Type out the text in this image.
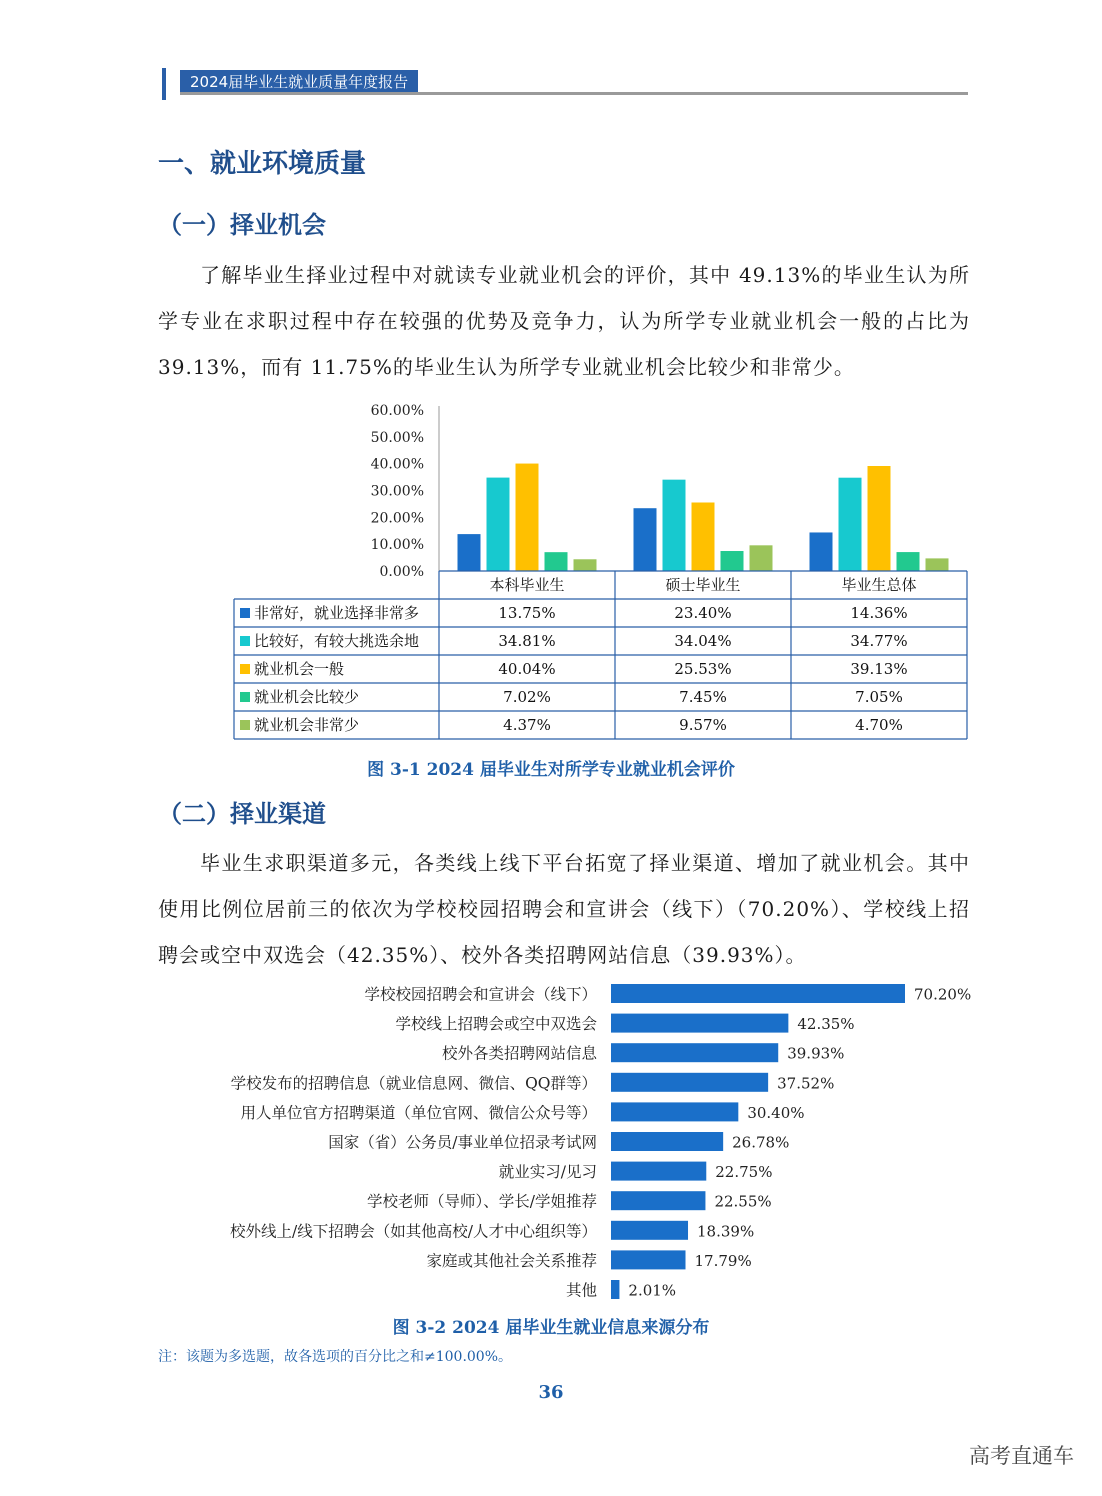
2024届毕业生就业质量年度报告
一、就业环境质量
（一）择业机会

了解毕业生择业过程中对就读专业就业机会的评价，其中 49.13%的毕业生认为所学专业在求职过程中存在较强的优势及竞争力，认为所学专业就业机会一般的占比为 39.13%，而有 11.75%的毕业生认为所学专业就业机会比较少和非常少。

0.00%
10.00%
20.00%
30.00%
40.00%
50.00%
60.00%
本科毕业生	硕士毕业生	毕业生总体
非常好，就业选择非常多	13.75%	23.40%	14.36%
比较好，有较大挑选余地	34.81%	34.04%	34.77%
就业机会一般	40.04%	25.53%	39.13%
就业机会比较少	7.02%	7.45%	7.05%
就业机会非常少	4.37%	9.57%	4.70%

图 3-1 2024 届毕业生对所学专业就业机会评价

（二）择业渠道

毕业生求职渠道多元，各类线上线下平台拓宽了择业渠道、增加了就业机会。其中使用比例位居前三的依次为学校校园招聘会和宣讲会（线下）（70.20%）、学校线上招聘会或空中双选会（42.35%）、校外各类招聘网站信息（39.93%）。

学校校园招聘会和宣讲会（线下）	70.20%
学校线上招聘会或空中双选会	42.35%
校外各类招聘网站信息	39.93%
学校发布的招聘信息（就业信息网、微信、QQ群等）	37.52%
用人单位官方招聘渠道（单位官网、微信公众号等）	30.40%
国家（省）公务员/事业单位招录考试网	26.78%
就业实习/见习	22.75%
学校老师（导师）、学长/学姐推荐	22.55%
校外线上/线下招聘会（如其他高校/人才中心组织等）	18.39%
家庭或其他社会关系推荐	17.79%
其他 2.01%

图 3-2 2024 届毕业生就业信息来源分布

注：该题为多选题，故各选项的百分比之和≠100.00%。

36

高考直通车
